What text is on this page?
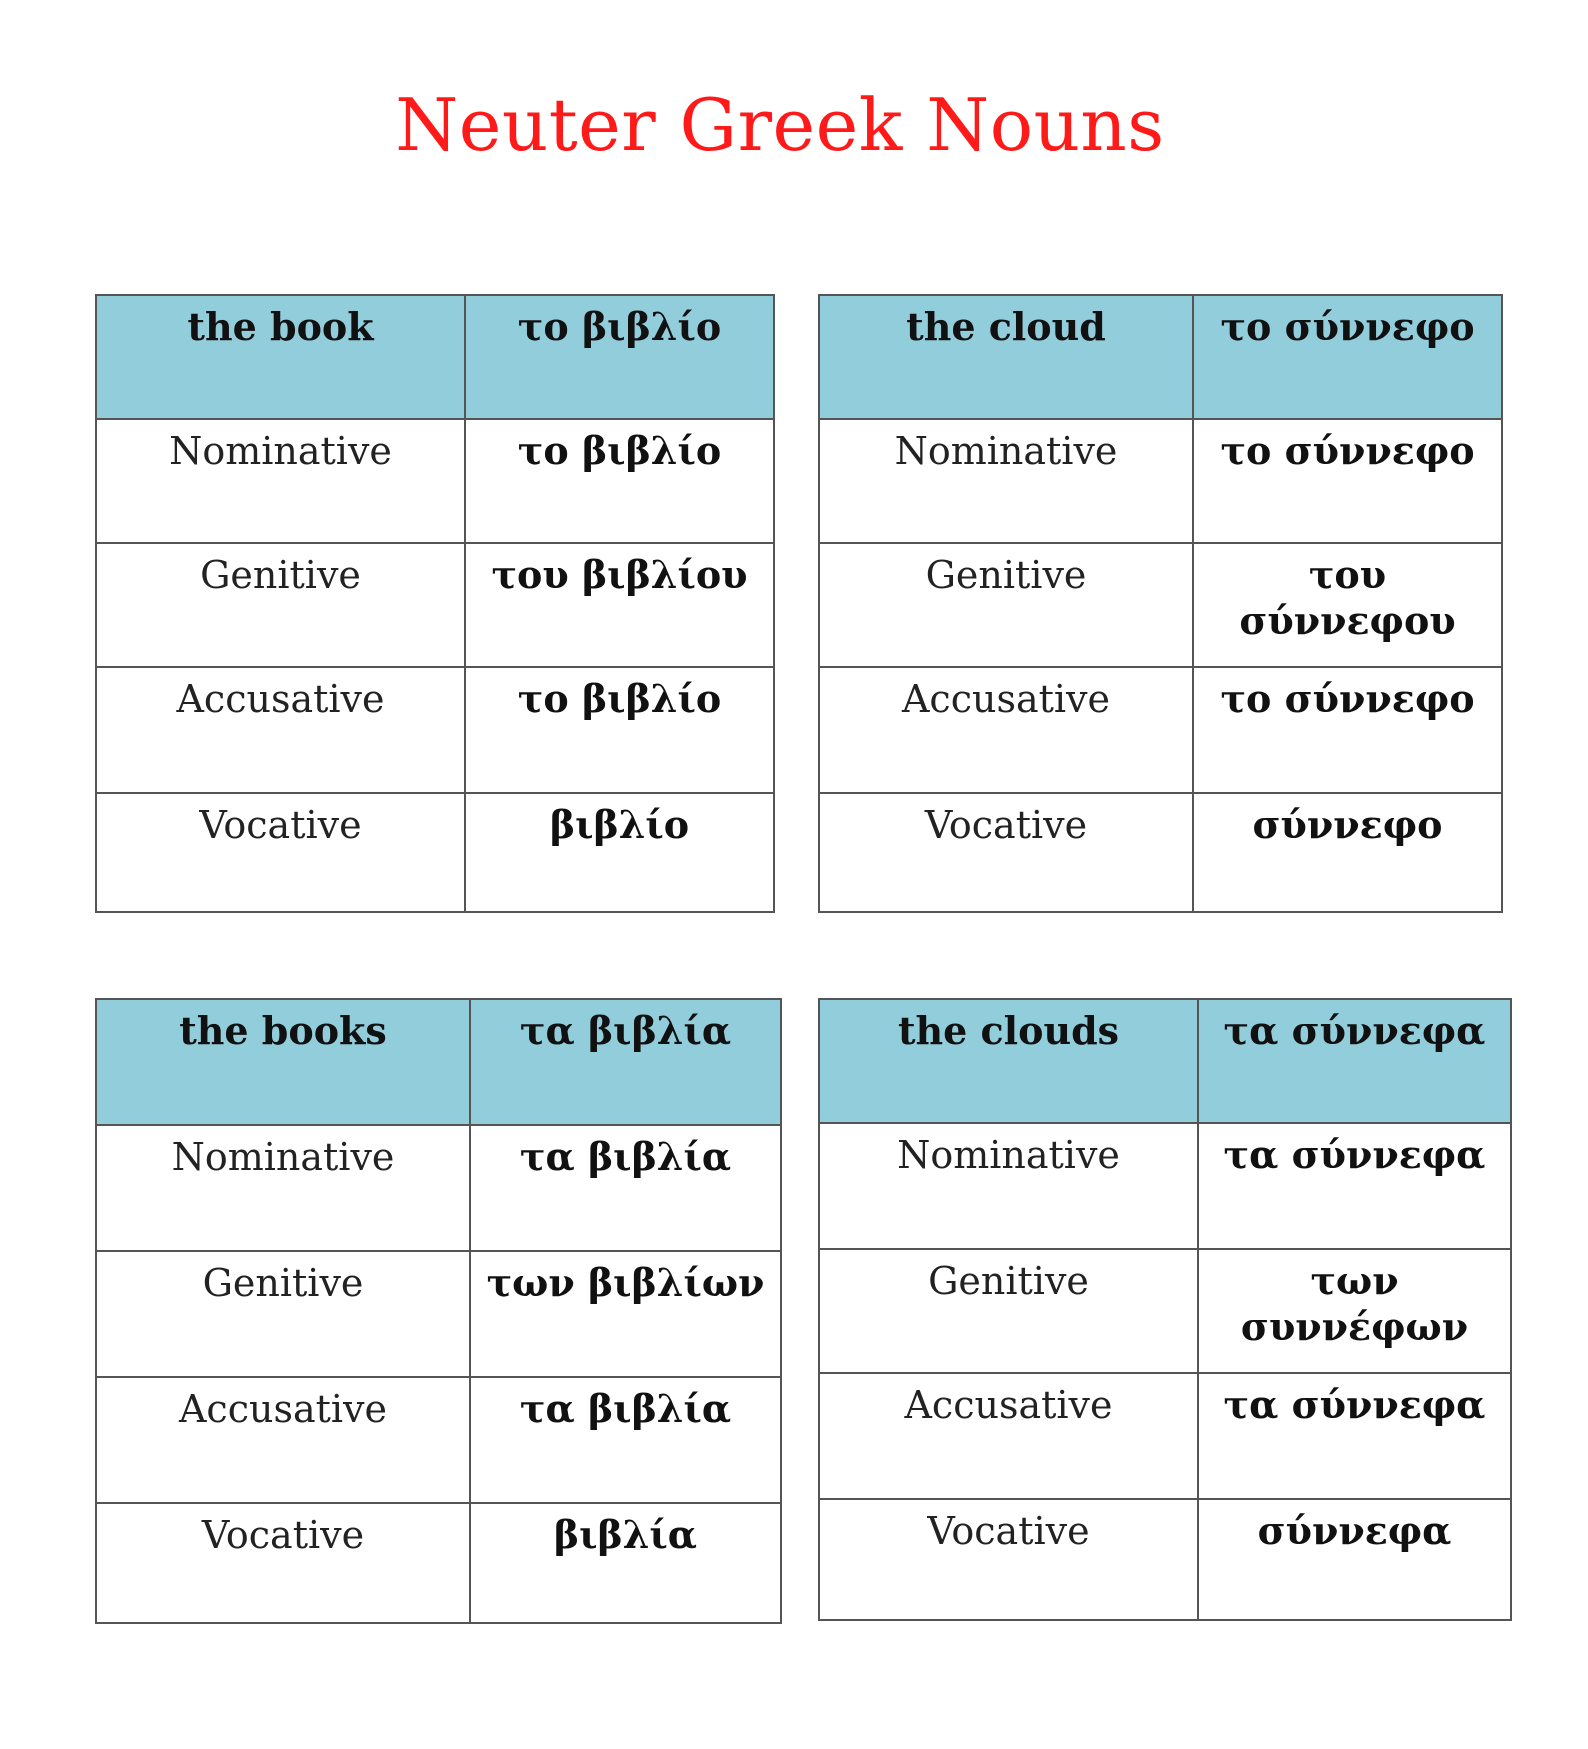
Neuter Greek Nouns
the book	το βιβλίο
Nominative	το βιβλίο
Genitive	του βιβλίου
Accusative	το βιβλίο
Vocative	βιβλίο
the cloud	το σύννεφο
Nominative	το σύννεφο
Genitive	του σύννεφου
Accusative	το σύννεφο
Vocative	σύννεφο
the books	τα βιβλία
Nominative	τα βιβλία
Genitive	των βιβλίων
Accusative	τα βιβλία
Vocative	βιβλία
the clouds	τα σύννεφα
Nominative	τα σύννεφα
Genitive	των συννέφων
Accusative	τα σύννεφα
Vocative	σύννεφα
